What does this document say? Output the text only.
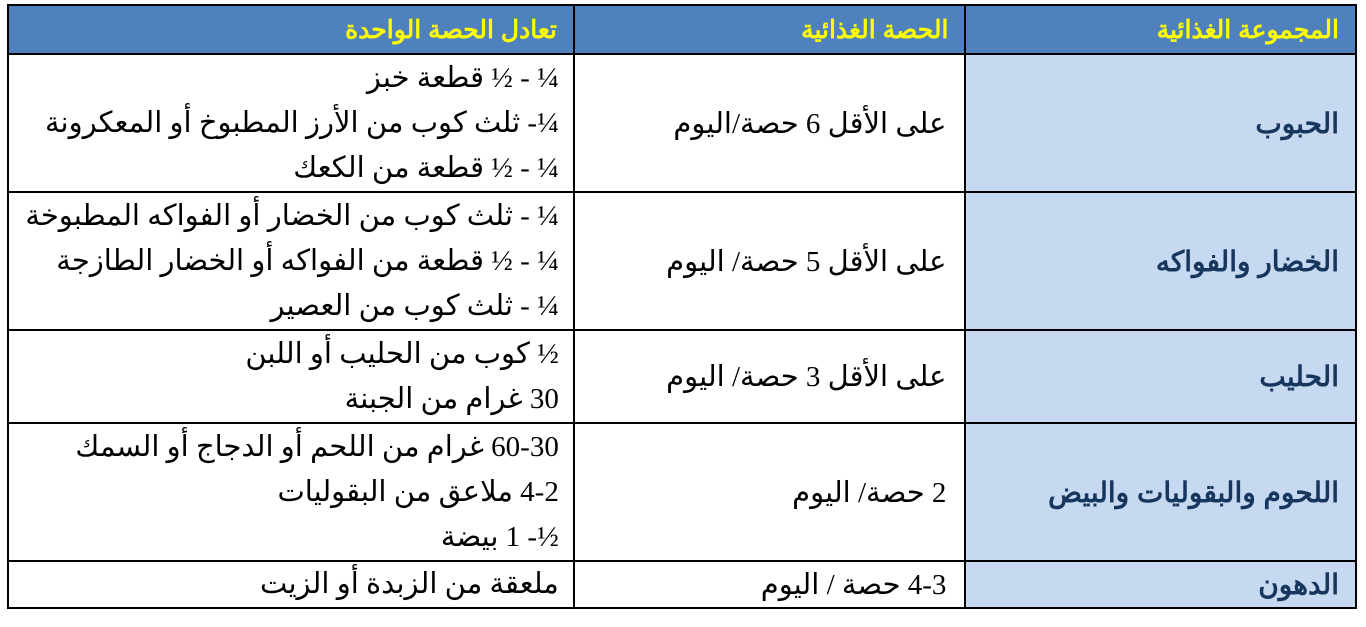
المجموعة الغذائية	الحصة الغذائية	تعادل الحصة الواحدة
الحبوب	على الأقل 6 حصة/اليوم	¼ - ½ قطعة خبز
¼- ثلث كوب من الأرز المطبوخ أو المعكرونة
¼ - ½ قطعة من الكعك

الخضار والفواكه	على الأقل 5 حصة/ اليوم	¼ - ثلث كوب من الخضار أو الفواكه المطبوخة
¼ - ½ قطعة من الفواكه أو الخضار الطازجة
¼ - ثلث كوب من العصير

الحليب	على الأقل 3 حصة/ اليوم	½ كوب من الحليب أو اللبن
30 غرام من الجبنة

اللحوم والبقوليات والبيض	2 حصة/ اليوم	60-30 غرام من اللحم أو الدجاج أو السمك
4-2 ملاعق من البقوليات
½- 1 بيضة

الدهون	4-3 حصة / اليوم	ملعقة من الزبدة أو الزيت
